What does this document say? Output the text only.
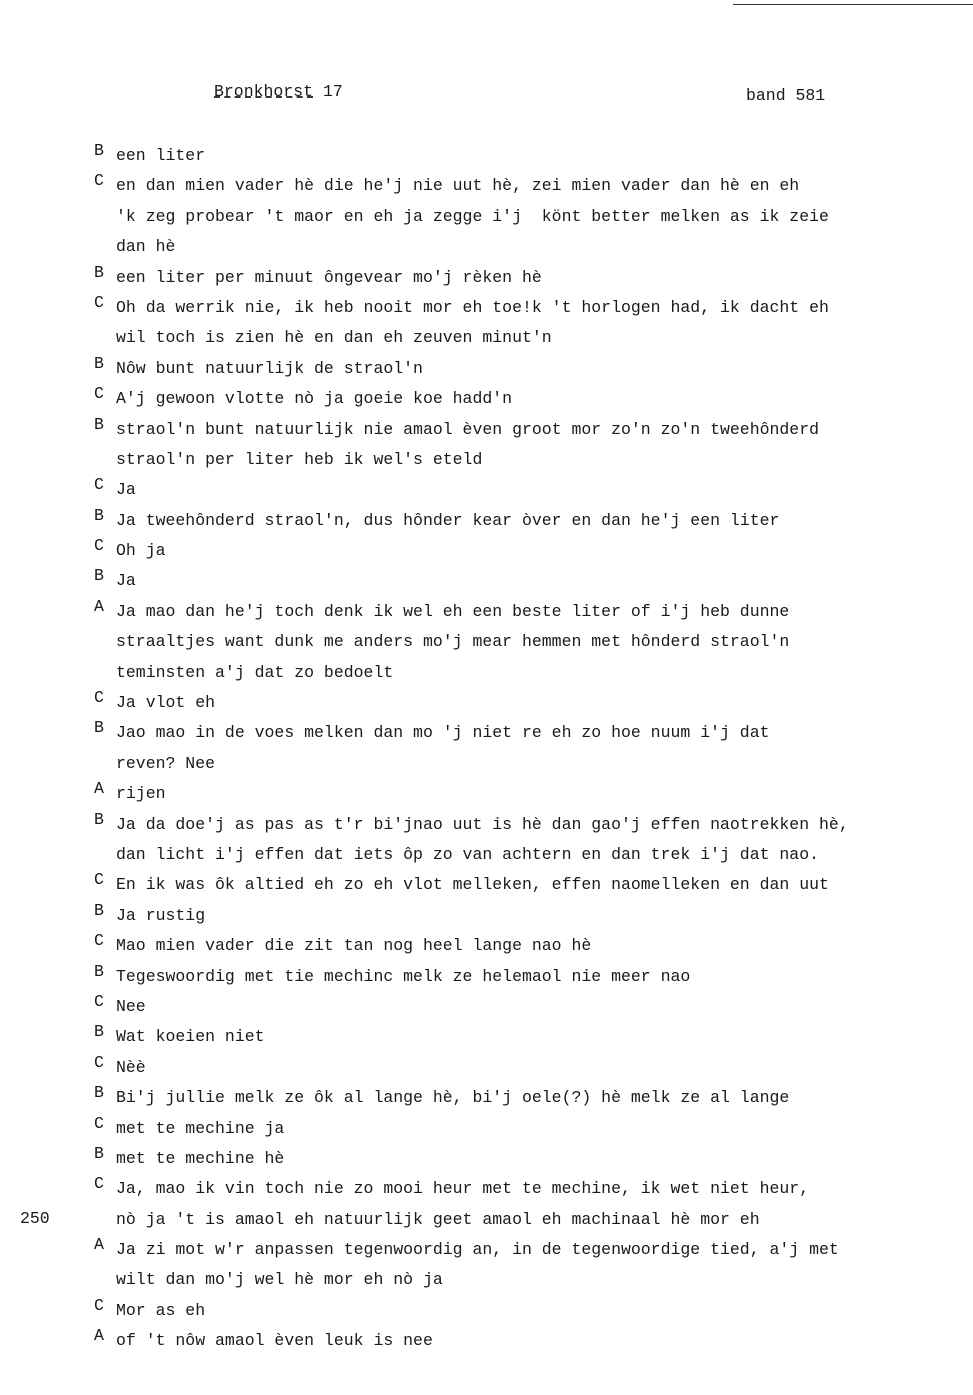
Bronkhorst 17	band 581
250
B een liter
C en dan mien vader hè die he'j nie uut hè, zei mien vader dan hè en eh
'k zeg probear 't maor en eh ja zegge i'j  könt better melken as ik zeie
dan hè
B een liter per minuut ôngevear mo'j rèken hè
C Oh da werrik nie, ik heb nooit mor eh toe!k 't horlogen had, ik dacht eh
wil toch is zien hè en dan eh zeuven minut'n
B Nôw bunt natuurlijk de straol'n
C A'j gewoon vlotte nò ja goeie koe hadd'n
B straol'n bunt natuurlijk nie amaol èven groot mor zo'n zo'n tweehônderd
straol'n per liter heb ik wel's eteld
C Ja
B Ja tweehônderd straol'n, dus hônder kear òver en dan he'j een liter
C Oh ja
B Ja
A Ja mao dan he'j toch denk ik wel eh een beste liter of i'j heb dunne
straaltjes want dunk me anders mo'j mear hemmen met hônderd straol'n
teminsten a'j dat zo bedoelt
C Ja vlot eh
B Jao mao in de voes melken dan mo 'j niet re eh zo hoe nuum i'j dat
reven? Nee
A rijen
B Ja da doe'j as pas as t'r bi'jnao uut is hè dan gao'j effen naotrekken hè,
dan licht i'j effen dat iets ôp zo van achtern en dan trek i'j dat nao.
C En ik was ôk altied eh zo eh vlot melleken, effen naomelleken en dan uut
B Ja rustig
C Mao mien vader die zit tan nog heel lange nao hè
B Tegeswoordig met tie mechinc melk ze helemaol nie meer nao
C Nee
B Wat koeien niet
C Nèè
B Bi'j jullie melk ze ôk al lange hè, bi'j oele(?) hè melk ze al lange
C met te mechine ja
B met te mechine hè
C Ja, mao ik vin toch nie zo mooi heur met te mechine, ik wet niet heur,
nò ja 't is amaol eh natuurlijk geet amaol eh machinaal hè mor eh
A Ja zi mot w'r anpassen tegenwoordig an, in de tegenwoordige tied, a'j met
wilt dan mo'j wel hè mor eh nò ja
C Mor as eh
A of 't nôw amaol èven leuk is nee
